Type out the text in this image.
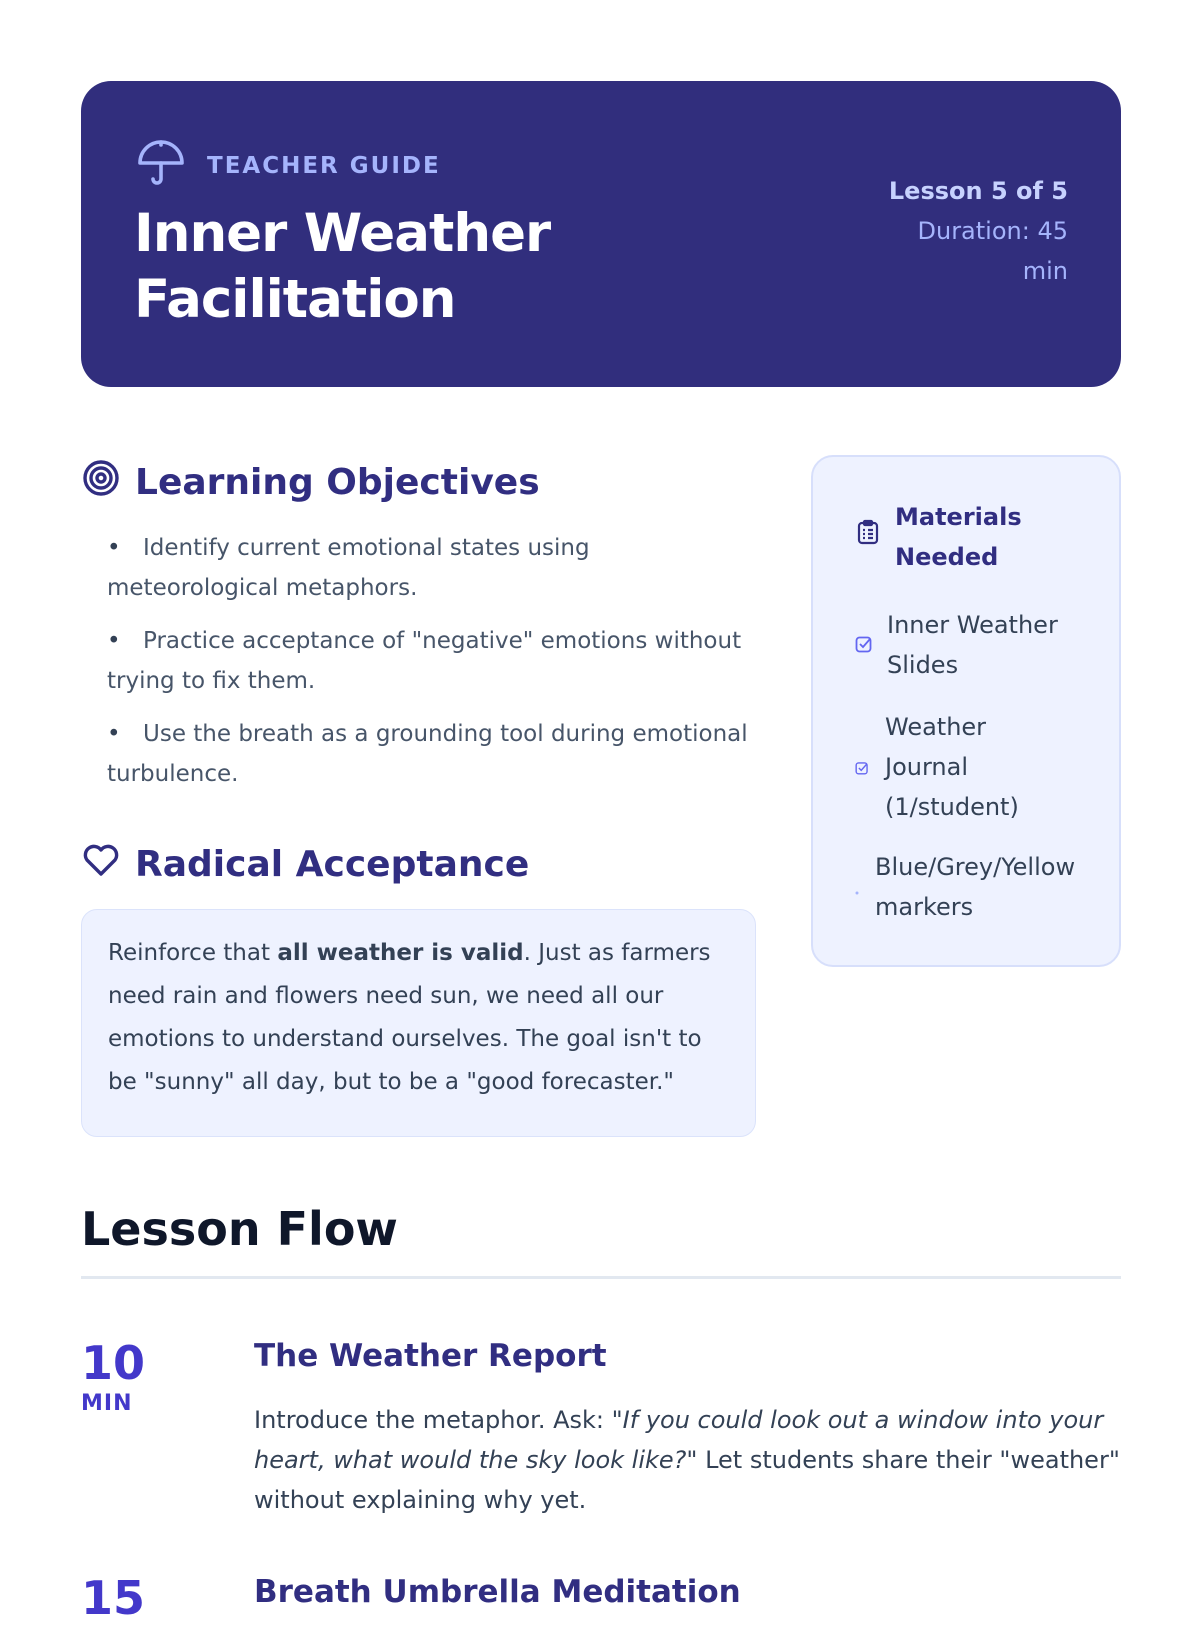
TEACHER GUIDE
Inner Weather Facilitation
Lesson 5 of 5
Duration: 45 min
Learning Objectives
• Identify current emotional states using meteorological metaphors.
• Practice acceptance of "negative" emotions without trying to fix them.
• Use the breath as a grounding tool during emotional turbulence.
Radical Acceptance
Reinforce that all weather is valid. Just as farmers need rain and flowers need sun, we need all our emotions to understand ourselves. The goal isn't to be "sunny" all day, but to be a "good forecaster."
Materials Needed
Inner Weather Slides
Weather Journal (1/student)
Blue/Grey/Yellow markers
Lesson Flow
10
MIN
The Weather Report

Introduce the metaphor. Ask: "If you could look out a window into your heart, what would the sky look like?" Let students share their "weather" without explaining why yet.

15	Breath Umbrella Meditation
